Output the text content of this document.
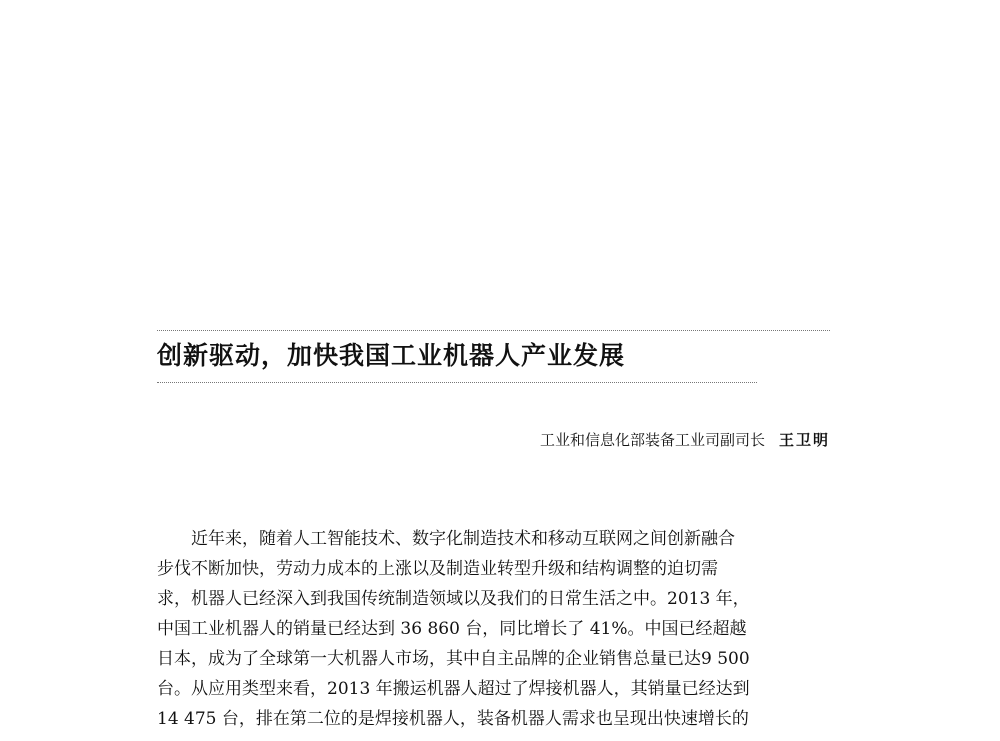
创新驱动，加快我国工业机器人产业发展
工业和信息化部装备工业司副司长 王卫明
近年来，随着人工智能技术、数字化制造技术和移动互联网之间创新融合
步伐不断加快，劳动力成本的上涨以及制造业转型升级和结构调整的迫切需
求，机器人已经深入到我国传统制造领域以及我们的日常生活之中。2013 年，
中国工业机器人的销量已经达到 36 860 台，同比增长了 41%。中国已经超越
日本，成为了全球第一大机器人市场，其中自主品牌的企业销售总量已达9 500
台。从应用类型来看，2013 年搬运机器人超过了焊接机器人，其销量已经达到
14 475 台，排在第二位的是焊接机器人，装备机器人需求也呈现出快速增长的
